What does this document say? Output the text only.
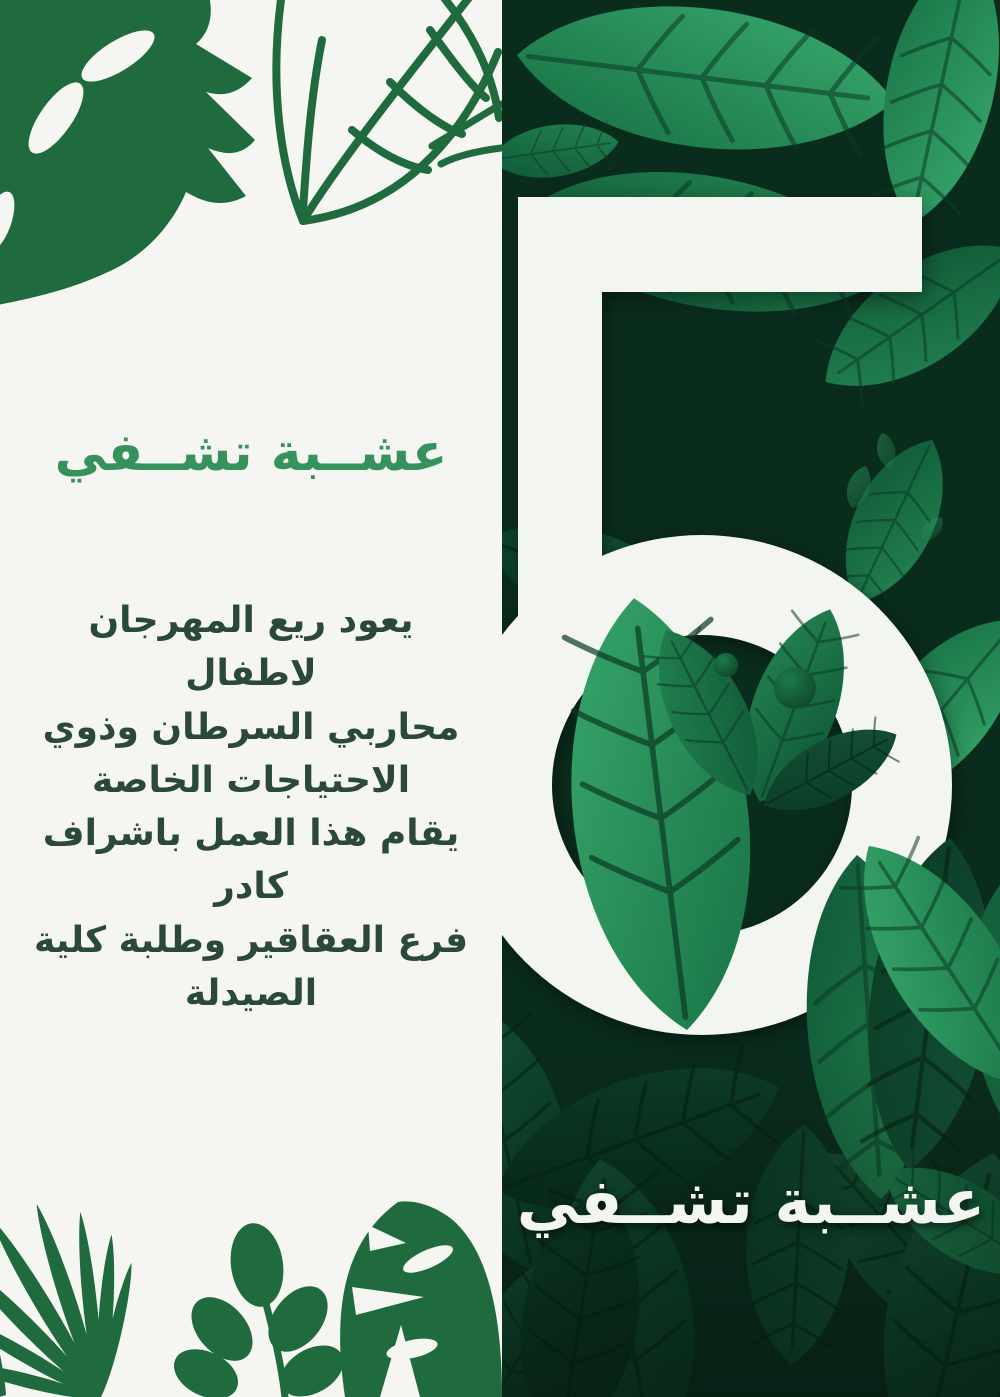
عشــبة تشــفي
يعود ريع المهرجان لاطفال
محاربي السرطان وذوي
الاحتياجات الخاصة
يقام هذا العمل باشراف كادر
فرع العقاقير وطلبة كلية
الصيدلة
عشــبة تشــفي
